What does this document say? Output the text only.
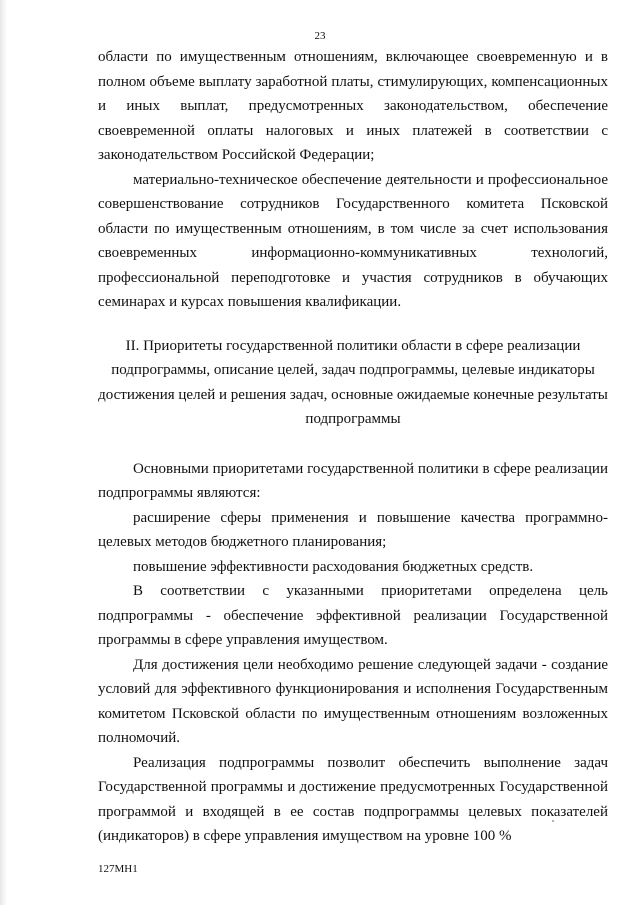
23

области по имущественным отношениям, включающее своевременную и в полном объеме выплату заработной платы, стимулирующих, компенсационных и иных выплат, предусмотренных законодательством, обеспечение своевременной оплаты налоговых и иных платежей в соответствии с законодательством Российской Федерации;

материально-техническое обеспечение деятельности и профессиональное совершенствование сотрудников Государственного комитета Псковской области по имущественным отношениям, в том числе за счет использования своевременных информационно-коммуникативных технологий, профессиональной переподготовке и участия сотрудников в обучающих семинарах и курсах повышения квалификации.

II. Приоритеты государственной политики области в сфере реализации подпрограммы, описание целей, задач подпрограммы, целевые индикаторы достижения целей и решения задач, основные ожидаемые конечные результаты подпрограммы

Основными приоритетами государственной политики в сфере реализации подпрограммы являются:

расширение сферы применения и повышение качества программно-целевых методов бюджетного планирования;

повышение эффективности расходования бюджетных средств.

В соответствии с указанными приоритетами определена цель подпрограммы - обеспечение эффективной реализации Государственной программы в сфере управления имуществом.

Для достижения цели необходимо решение следующей задачи - создание условий для эффективного функционирования и исполнения Государственным комитетом Псковской области по имущественным отношениям возложенных полномочий.

Реализация подпрограммы позволит обеспечить выполнение задач Государственной программы и достижение предусмотренных Государственной программой и входящей в ее состав подпрограммы целевых показателей (индикаторов) в сфере управления имуществом на уровне 100 %

127МН1
